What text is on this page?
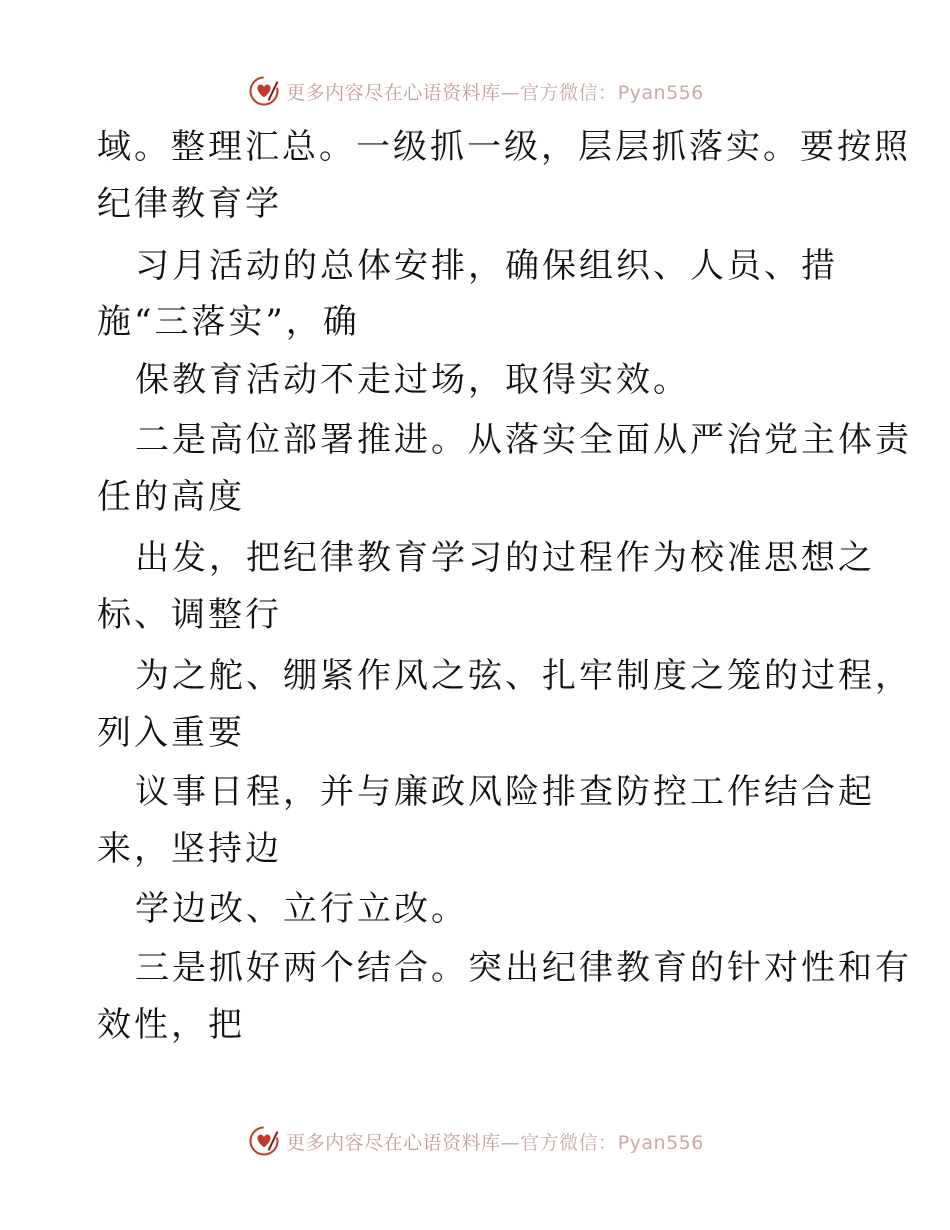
更多内容尽在心语资料库—官方微信：Pyan556
域。整理汇总。一级抓一级，层层抓落实。要按照
纪律教育学
习月活动的总体安排，确保组织、人员、措
施“三落实”，确
保教育活动不走过场，取得实效。
二是高位部署推进。从落实全面从严治党主体责
任的高度
出发，把纪律教育学习的过程作为校准思想之
标、调整行
为之舵、绷紧作风之弦、扎牢制度之笼的过程，
列入重要
议事日程，并与廉政风险排查防控工作结合起
来，坚持边
学边改、立行立改。
三是抓好两个结合。突出纪律教育的针对性和有
效性，把
更多内容尽在心语资料库—官方微信：Pyan556
